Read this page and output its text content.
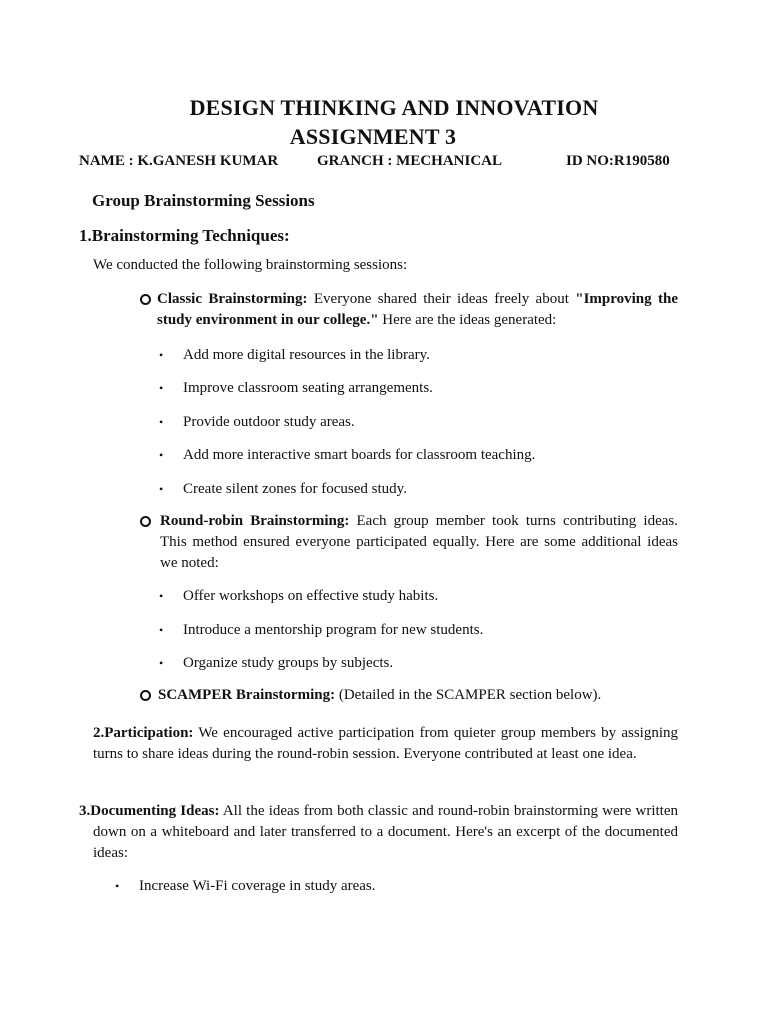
DESIGN THINKING AND INNOVATION
ASSIGNMENT 3
NAME : K.GANESH KUMAR	GRANCH : MECHANICAL	ID NO:R190580
Group Brainstorming Sessions
1.Brainstorming Techniques:
We conducted the following brainstorming sessions:
Classic Brainstorming: Everyone shared their ideas freely about "Improving the study environment in our college." Here are the ideas generated:
• Add more digital resources in the library.
• Improve classroom seating arrangements.
• Provide outdoor study areas.
• Add more interactive smart boards for classroom teaching.
• Create silent zones for focused study.
Round-robin Brainstorming: Each group member took turns contributing ideas. This method ensured everyone participated equally. Here are some additional ideas we noted:
• Offer workshops on effective study habits.
• Introduce a mentorship program for new students.
• Organize study groups by subjects.
SCAMPER Brainstorming: (Detailed in the SCAMPER section below).
2.Participation: We encouraged active participation from quieter group members by assigning turns to share ideas during the round-robin session. Everyone contributed at least one idea.
3.Documenting Ideas: All the ideas from both classic and round-robin brainstorming were written down on a whiteboard and later transferred to a document. Here's an excerpt of the documented ideas:
• Increase Wi-Fi coverage in study areas.
